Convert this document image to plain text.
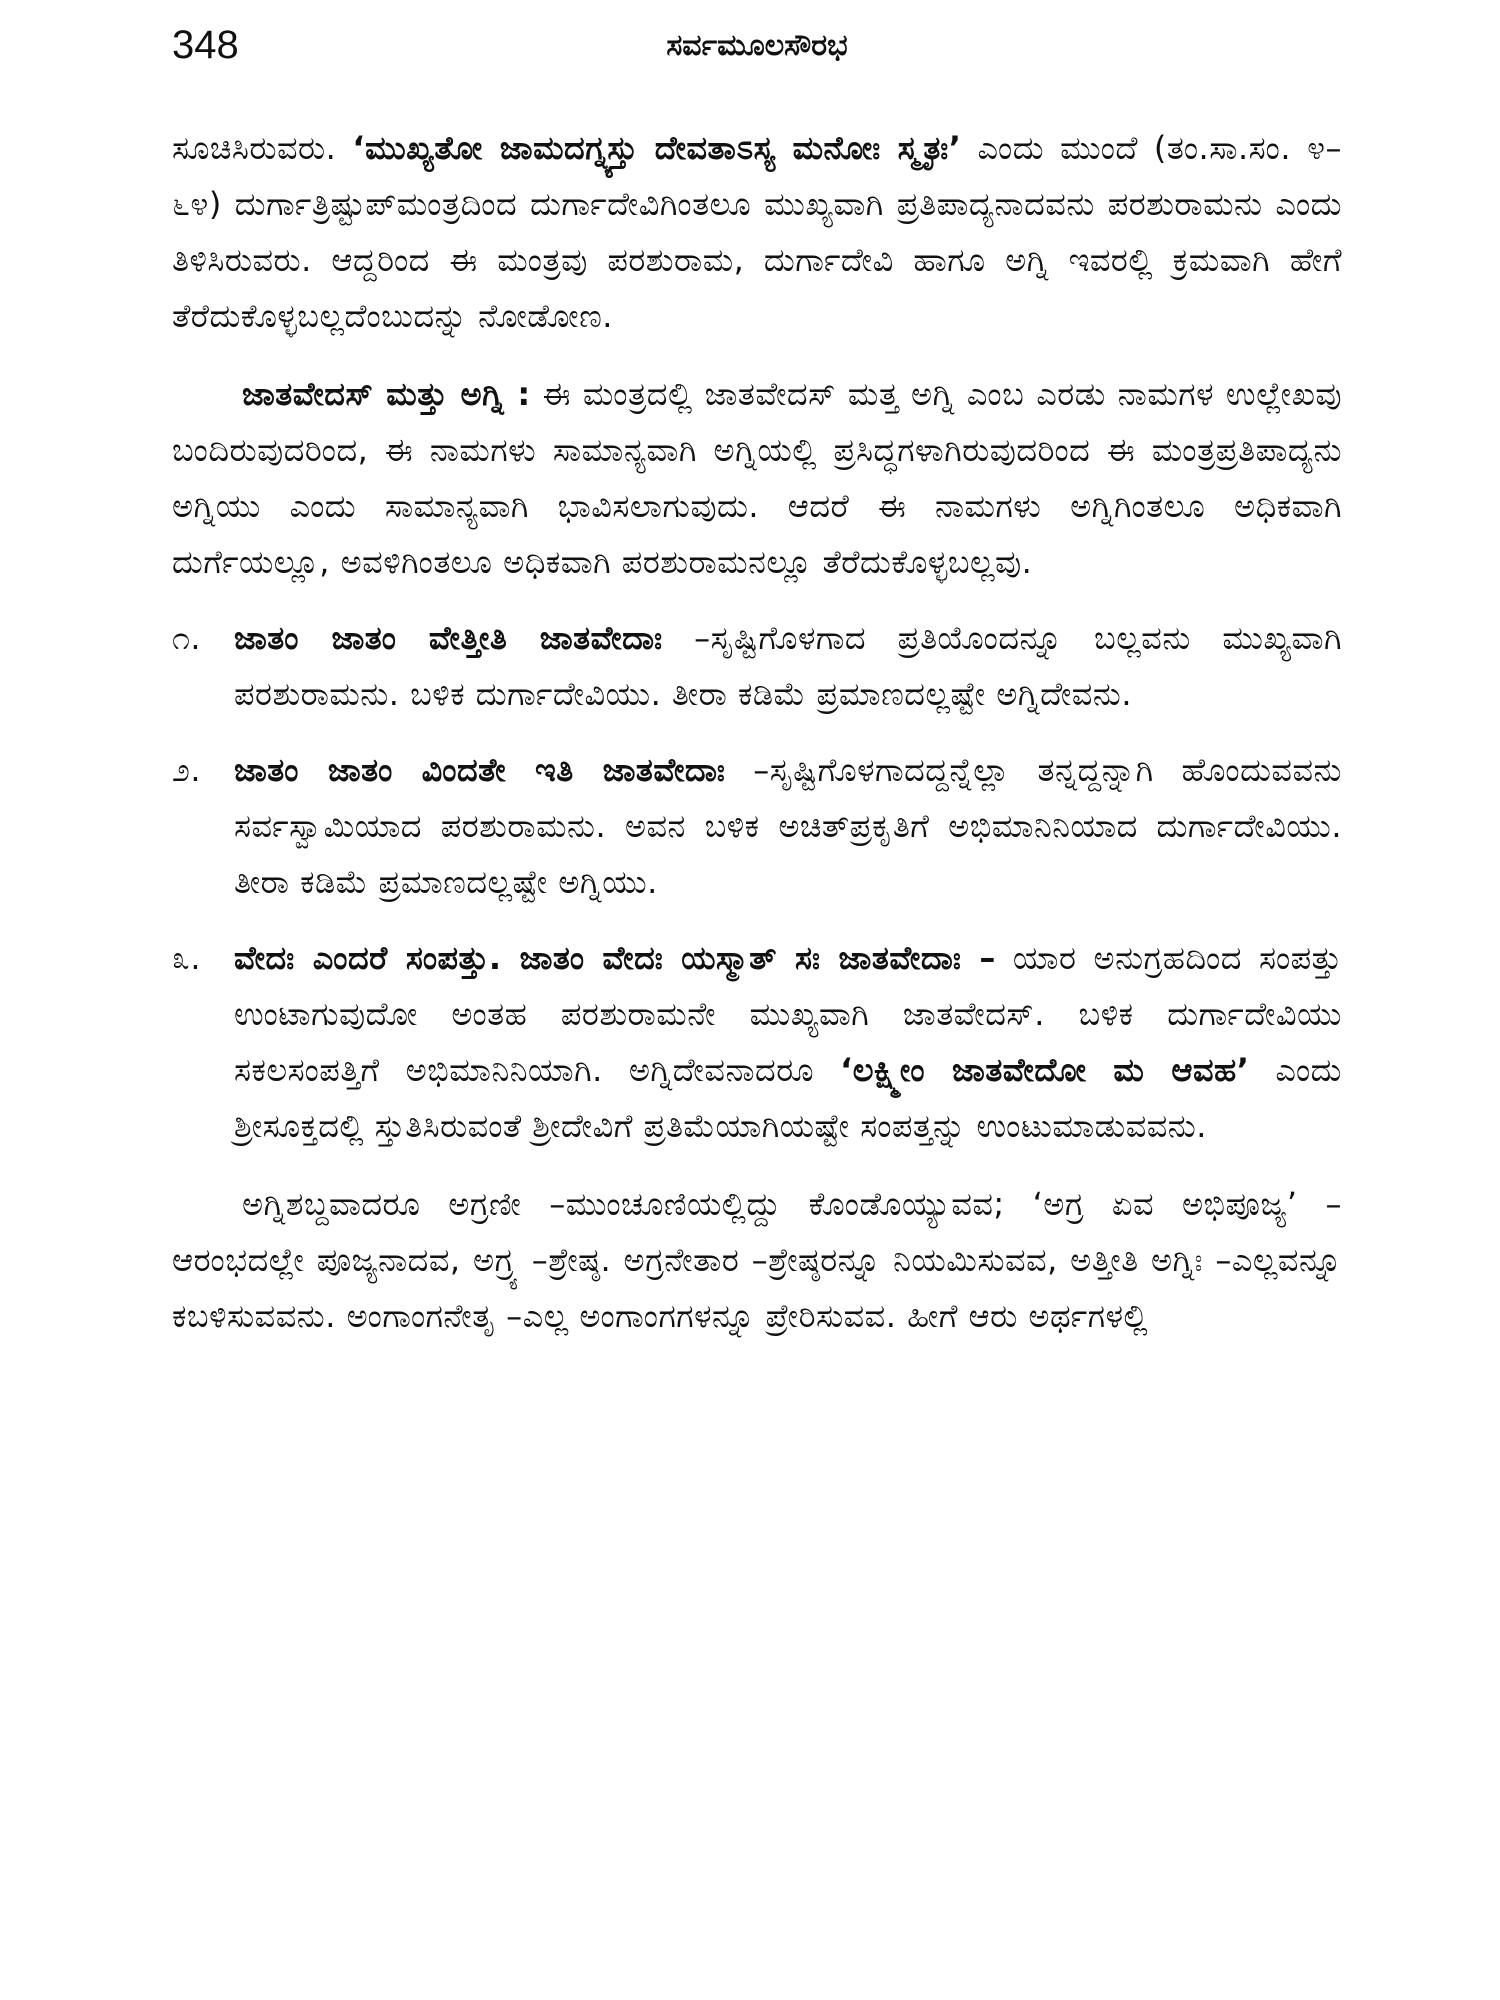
348	ಸರ್ವಮೂಲಸೌರಭ

ಸೂಚಿಸಿರುವರು. ‘ಮುಖ್ಯತೋ ಜಾಮದಗ್ನ್ಯಸ್ತು ದೇವತಾಽಸ್ಯ ಮನೋಃ ಸ್ಮೃತಃ’ ಎಂದು ಮುಂದೆ (ತಂ.ಸಾ.ಸಂ. ೪–೬೪) ದುರ್ಗಾತ್ರಿಷ್ಟುಪ್‌ಮಂತ್ರದಿಂದ ದುರ್ಗಾದೇವಿಗಿಂತಲೂ ಮುಖ್ಯವಾಗಿ ಪ್ರತಿಪಾದ್ಯನಾದವನು ಪರಶುರಾಮನು ಎಂದು ತಿಳಿಸಿರುವರು. ಆದ್ದರಿಂದ ಈ ಮಂತ್ರವು ಪರಶುರಾಮ, ದುರ್ಗಾದೇವಿ ಹಾಗೂ ಅಗ್ನಿ ಇವರಲ್ಲಿ ಕ್ರಮವಾಗಿ ಹೇಗೆ ತೆರೆದುಕೊಳ್ಳಬಲ್ಲದೆಂಬುದನ್ನು ನೋಡೋಣ.

ಜಾತವೇದಸ್ ಮತ್ತು ಅಗ್ನಿ : ಈ ಮಂತ್ರದಲ್ಲಿ ಜಾತವೇದಸ್ ಮತ್ತ ಅಗ್ನಿ ಎಂಬ ಎರಡು ನಾಮಗಳ ಉಲ್ಲೇಖವು ಬಂದಿರುವುದರಿಂದ, ಈ ನಾಮಗಳು ಸಾಮಾನ್ಯವಾಗಿ ಅಗ್ನಿಯಲ್ಲಿ ಪ್ರಸಿದ್ಧಗಳಾಗಿರುವುದರಿಂದ ಈ ಮಂತ್ರಪ್ರತಿಪಾದ್ಯನು ಅಗ್ನಿಯು ಎಂದು ಸಾಮಾನ್ಯವಾಗಿ ಭಾವಿಸಲಾಗುವುದು. ಆದರೆ ಈ ನಾಮಗಳು ಅಗ್ನಿಗಿಂತಲೂ ಅಧಿಕವಾಗಿ ದುರ್ಗೆಯಲ್ಲೂ, ಅವಳಿಗಿಂತಲೂ ಅಧಿಕವಾಗಿ ಪರಶುರಾಮನಲ್ಲೂ ತೆರೆದುಕೊಳ್ಳಬಲ್ಲವು.

೧.	ಜಾತಂ ಜಾತಂ ವೇತ್ತೀತಿ ಜಾತವೇದಾಃ –ಸೃಷ್ಟಿಗೊಳಗಾದ ಪ್ರತಿಯೊಂದನ್ನೂ ಬಲ್ಲವನು ಮುಖ್ಯವಾಗಿ ಪರಶುರಾಮನು. ಬಳಿಕ ದುರ್ಗಾದೇವಿಯು. ತೀರಾ ಕಡಿಮೆ ಪ್ರಮಾಣದಲ್ಲಷ್ಟೇ ಅಗ್ನಿದೇವನು.
೨.	ಜಾತಂ ಜಾತಂ ವಿಂದತೇ ಇತಿ ಜಾತವೇದಾಃ –ಸೃಷ್ಟಿಗೊಳಗಾದದ್ದನ್ನೆಲ್ಲಾ ತನ್ನದ್ದನ್ನಾಗಿ ಹೊಂದುವವನು ಸರ್ವಸ್ವಾಮಿಯಾದ ಪರಶುರಾಮನು. ಅವನ ಬಳಿಕ ಅಚಿತ್‌ಪ್ರಕೃತಿಗೆ ಅಭಿಮಾನಿನಿಯಾದ ದುರ್ಗಾದೇವಿಯು. ತೀರಾ ಕಡಿಮೆ ಪ್ರಮಾಣದಲ್ಲಷ್ಟೇ ಅಗ್ನಿಯು.
೩.	ವೇದಃ ಎಂದರೆ ಸಂಪತ್ತು. ಜಾತಂ ವೇದಃ ಯಸ್ಮಾತ್ ಸಃ ಜಾತವೇದಾಃ – ಯಾರ ಅನುಗ್ರಹದಿಂದ ಸಂಪತ್ತು ಉಂಟಾಗುವುದೋ ಅಂತಹ ಪರಶುರಾಮನೇ ಮುಖ್ಯವಾಗಿ ಜಾತವೇದಸ್. ಬಳಿಕ ದುರ್ಗಾದೇವಿಯು ಸಕಲಸಂಪತ್ತಿಗೆ ಅಭಿಮಾನಿನಿಯಾಗಿ. ಅಗ್ನಿದೇವನಾದರೂ ‘ಲಕ್ಷ್ಮೀಂ ಜಾತವೇದೋ ಮ ಆವಹ’ ಎಂದು ಶ್ರೀಸೂಕ್ತದಲ್ಲಿ ಸ್ತುತಿಸಿರುವಂತೆ ಶ್ರೀದೇವಿಗೆ ಪ್ರತಿಮೆಯಾಗಿಯಷ್ಟೇ ಸಂಪತ್ತನ್ನು ಉಂಟುಮಾಡುವವನು.

ಅಗ್ನಿಶಬ್ದವಾದರೂ ಅಗ್ರಣೀ –ಮುಂಚೂಣಿಯಲ್ಲಿದ್ದು ಕೊಂಡೊಯ್ಯುವವ; ‘ಅಗ್ರ ಏವ ಅಭಿಪೂಜ್ಯ’ –ಆರಂಭದಲ್ಲೇ ಪೂಜ್ಯನಾದವ, ಅಗ್ರ್ಯ –ಶ್ರೇಷ್ಠ. ಅಗ್ರನೇತಾರ –ಶ್ರೇಷ್ಠರನ್ನೂ ನಿಯಮಿಸುವವ, ಅತ್ತೀತಿ ಅಗ್ನಿಃ –ಎಲ್ಲವನ್ನೂ ಕಬಳಿಸುವವನು. ಅಂಗಾಂಗನೇತೃ –ಎಲ್ಲ ಅಂಗಾಂಗಗಳನ್ನೂ ಪ್ರೇರಿಸುವವ. ಹೀಗೆ ಆರು ಅರ್ಥಗಳಲ್ಲಿ
